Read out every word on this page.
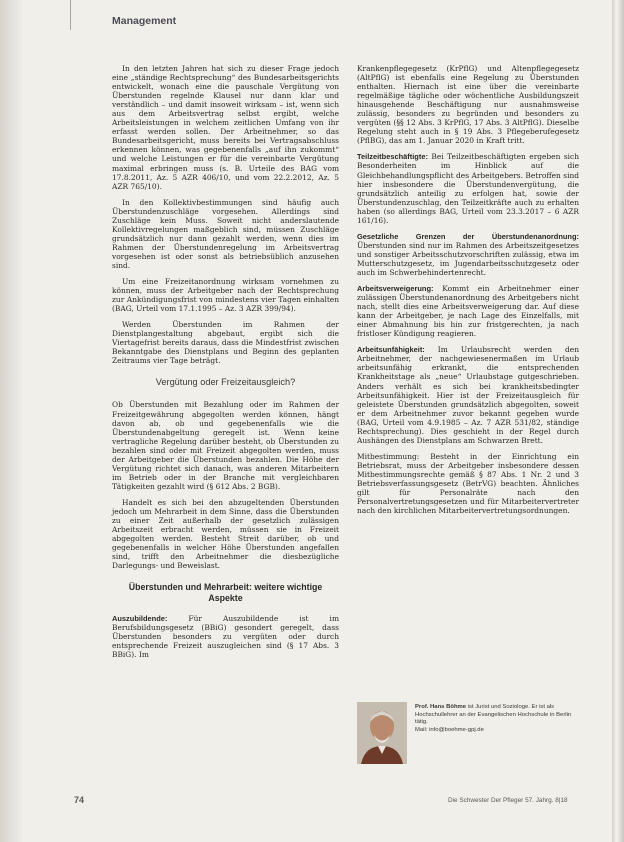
Management

In den letzten Jahren hat sich zu dieser Frage jedoch eine „ständige Rechtsprechung“ des Bundesarbeitsgerichts entwickelt, wonach eine die pauschale Vergütung von Überstunden regelnde Klausel nur dann klar und verständlich – und damit insoweit wirksam – ist, wenn sich aus dem Arbeitsvertrag selbst ergibt, welche Arbeitsleistungen in welchem zeitlichen Umfang von ihr erfasst werden sollen. Der Arbeitnehmer, so das Bundesarbeitsgericht, muss bereits bei Vertragsabschluss erkennen können, was gegebenenfalls „auf ihn zukommt“ und welche Leistungen er für die vereinbarte Vergütung maximal erbringen muss (s. B. Urteile des BAG vom 17.8.2011, Az. 5 AZR 406/10, und vom 22.2.2012, Az. 5 AZR 765/10).

In den Kollektivbestimmungen sind häufig auch Überstundenzuschläge vorgesehen. Allerdings sind Zuschläge kein Muss. Soweit nicht anderslautende Kollektivregelungen maßgeblich sind, müssen Zuschläge grundsätzlich nur dann gezahlt werden, wenn dies im Rahmen der Überstundenregelung im Arbeitsvertrag vorgesehen ist oder sonst als betriebsüblich anzusehen sind.

Um eine Freizeitanordnung wirksam vornehmen zu können, muss der Arbeitgeber nach der Rechtsprechung zur Ankündigungsfrist von mindestens vier Tagen einhalten (BAG, Urteil vom 17.1.1995 – Az. 3 AZR 399/94).

Werden Überstunden im Rahmen der Dienstplangestaltung abgebaut, ergibt sich die Viertagefrist bereits daraus, dass die Mindestfrist zwischen Bekanntgabe des Dienstplans und Beginn des geplanten Zeitraums vier Tage beträgt.

Vergütung oder Freizeitausgleich?

Ob Überstunden mit Bezahlung oder im Rahmen der Freizeitgewährung abgegolten werden können, hängt davon ab, ob und gegebenenfalls wie die Überstundenabgeltung geregelt ist. Wenn keine vertragliche Regelung darüber besteht, ob Überstunden zu bezahlen sind oder mit Freizeit abgegolten werden, muss der Arbeitgeber die Überstunden bezahlen. Die Höhe der Vergütung richtet sich danach, was anderen Mitarbeitern im Betrieb oder in der Branche mit vergleichbaren Tätigkeiten gezahlt wird (§ 612 Abs. 2 BGB).

Handelt es sich bei den abzugeltenden Überstunden jedoch um Mehrarbeit in dem Sinne, dass die Überstunden zu einer Zeit außerhalb der gesetzlich zulässigen Arbeitszeit erbracht werden, müssen sie in Freizeit abgegolten werden. Besteht Streit darüber, ob und gegebenenfalls in welcher Höhe Überstunden angefallen sind, trifft den Arbeitnehmer die diesbezügliche Darlegungs- und Beweislast.

Überstunden und Mehrarbeit: weitere wichtige Aspekte

Auszubildende: Für Auszubildende ist im Berufsbildungsgesetz (BBiG) gesondert geregelt, dass Überstunden besonders zu vergüten oder durch entsprechende Freizeit auszugleichen sind (§ 17 Abs. 3 BBiG). Im

Krankenpflegegesetz (KrPflG) und Altenpflegegesetz (AltPflG) ist ebenfalls eine Regelung zu Überstunden enthalten. Hiernach ist eine über die vereinbarte regelmäßige tägliche oder wöchentliche Ausbildungszeit hinausgehende Beschäftigung nur ausnahmsweise zulässig, besonders zu begründen und besonders zu vergüten (§§ 12 Abs. 3 KrPflG, 17 Abs. 3 AltPflG). Dieselbe Regelung steht auch in § 19 Abs. 3 Pflegeberufegesetz (PflBG), das am 1. Januar 2020 in Kraft tritt.

Teilzeitbeschäftigte: Bei Teilzeitbeschäftigten ergeben sich Besonderheiten im Hinblick auf die Gleichbehandlungspflicht des Arbeitgebers. Betroffen sind hier insbesondere die Überstundenvergütung, die grundsätzlich anteilig zu erfolgen hat, sowie der Überstundenzuschlag, den Teilzeitkräfte auch zu erhalten haben (so allerdings BAG, Urteil vom 23.3.2017 – 6 AZR 161/16).

Gesetzliche Grenzen der Überstundenanordnung: Überstunden sind nur im Rahmen des Arbeitszeitgesetzes und sonstiger Arbeitsschutzvorschriften zulässig, etwa im Mutterschutzgesetz, im Jugendarbeitsschutzgesetz oder auch im Schwerbehindertenrecht.

Arbeitsverweigerung: Kommt ein Arbeitnehmer einer zulässigen Überstundenanordnung des Arbeitgebers nicht nach, stellt dies eine Arbeitsverweigerung dar. Auf diese kann der Arbeitgeber, je nach Lage des Einzelfalls, mit einer Abmahnung bis hin zur fristgerechten, ja nach fristloser Kündigung reagieren.

Arbeitsunfähigkeit: Im Urlaubsrecht werden den Arbeitnehmer, der nachgewiesenermaßen im Urlaub arbeitsunfähig erkrankt, die entsprechenden Krankheitstage als „neue“ Urlaubstage gutgeschrieben. Anders verhält es sich bei krankheitsbedingter Arbeitsunfähigkeit. Hier ist der Freizeitausgleich für geleistete Überstunden grundsätzlich abgegolten, soweit er dem Arbeitnehmer zuvor bekannt gegeben wurde (BAG, Urteil vom 4.9.1985 – Az. 7 AZR 531/82, ständige Rechtsprechung). Dies geschieht in der Regel durch Aushängen des Dienstplans am Schwarzen Brett.

Mitbestimmung: Besteht in der Einrichtung ein Betriebsrat, muss der Arbeitgeber insbesondere dessen Mitbestimmungsrechte gemäß § 87 Abs. 1 Nr. 2 und 3 Betriebsverfassungsgesetz (BetrVG) beachten. Ähnliches gilt für Personalräte nach den Personalvertretungsgesetzen und für Mitarbeitervertreter nach den kirchlichen Mitarbeitervertretungsordnungen.

Prof. Hans Böhme ist Jurist und Soziologe. Er ist als Hochschullehrer an der Evangelischen Hochschule in Berlin tätig.
Mail: info@boehme-gpj.de
74	Die Schwester Der Pfleger 57. Jahrg. 8|18
